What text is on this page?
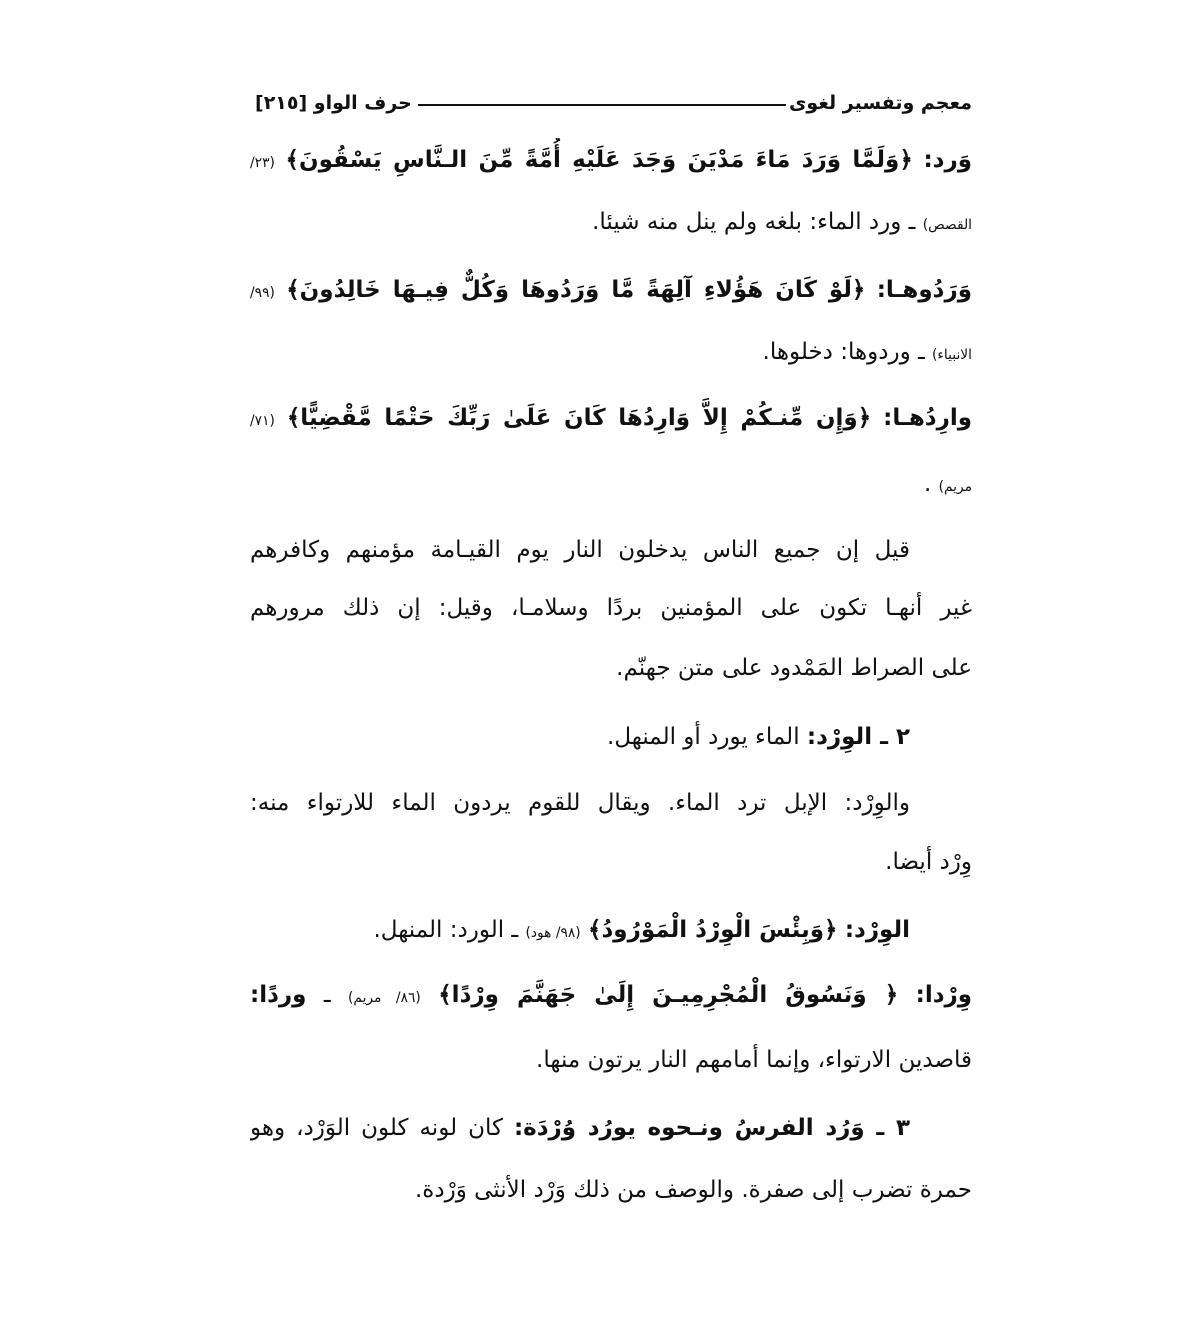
معجم وتفسير لغوى
حرف الواو [٢١٥]
وَرد: ﴿وَلَمَّا وَرَدَ مَاءَ مَدْيَنَ وَجَدَ عَلَيْهِ أُمَّةً مِّنَ الـنَّاسِ يَسْقُونَ﴾ (٢٣/
القصص) ـ ورد الماء: بلغه ولم ينل منه شيئا.
وَرَدُوهـا: ﴿لَوْ كَانَ هَؤُلاءِ آلِهَةً مَّا وَرَدُوهَا وَكُلٌّ فِيـهَا خَالِدُونَ﴾ (٩٩/
الانبياء) ـ وردوها: دخلوها.
وارِدُهـا: ﴿وَإِن مِّنـكُمْ إِلاَّ وَارِدُهَا كَانَ عَلَىٰ رَبِّكَ حَتْمًا مَّقْضِيًّا﴾ (٧١/
مريم) .
قيل إن جميع الناس يدخلون النار يوم القيـامة مؤمنهم وكافرهم
غير أنهـا تكون على المؤمنين بردًا وسلامـا، وقيل: إن ذلك مرورهم
على الصراط المَمْدود على متن جهنّم.
٢ ـ الوِرْد: الماء يورد أو المنهل.
والوِرْد: الإبل ترد الماء. ويقال للقوم يردون الماء للارتواء منه:
وِرْد أيضا.
الوِرْد: ﴿وَبِئْسَ الْوِرْدُ الْمَوْرُودُ﴾ (٩٨/ هود) ـ الورد: المنهل.
وِرْدا: ﴿ وَنَسُوقُ الْمُجْرِمِيـنَ إِلَىٰ جَهَنَّمَ وِرْدًا﴾ (٨٦/ مريم) ـ وردًا:
قاصدين الارتواء، وإنما أمامهم النار يرتون منها.
٣ ـ وَرُد الفرسُ ونـحوه يورُد وُرْدَة: كان لونه كلون الوَرْد، وهو
حمرة تضرب إلى صفرة. والوصف من ذلك وَرْد الأنثى وَرْدة.
